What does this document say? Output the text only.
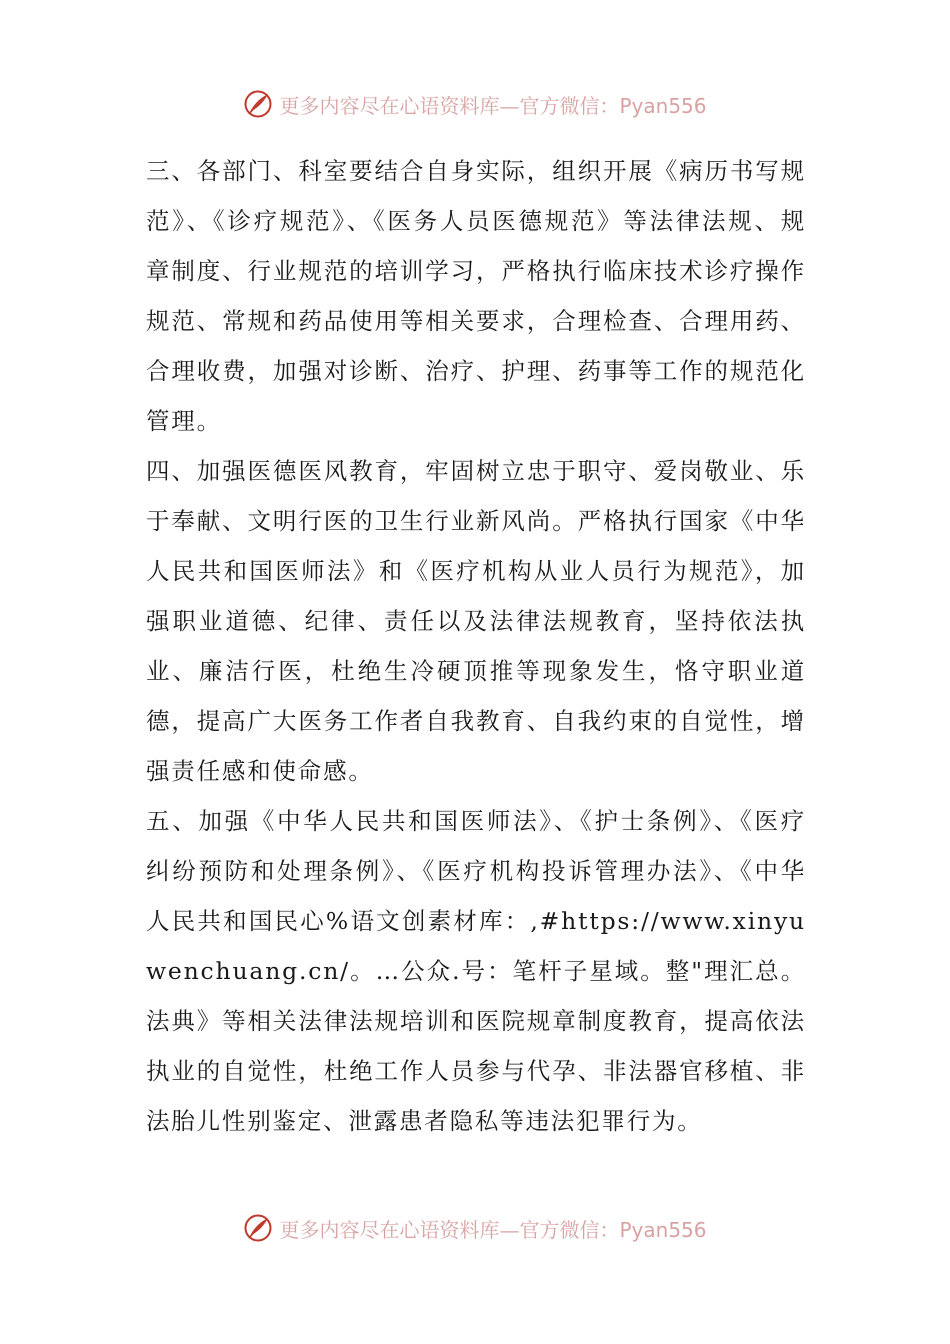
更多内容尽在心语资料库—官方微信：Pyan556

三、各部门、科室要结合自身实际，组织开展《病历书写规范》、《诊疗规范》、《医务人员医德规范》等法律法规、规章制度、行业规范的培训学习，严格执行临床技术诊疗操作规范、常规和药品使用等相关要求，合理检查、合理用药、合理收费，加强对诊断、治疗、护理、药事等工作的规范化管理。

四、加强医德医风教育，牢固树立忠于职守、爱岗敬业、乐于奉献、文明行医的卫生行业新风尚。严格执行国家《中华人民共和国医师法》和《医疗机构从业人员行为规范》，加强职业道德、纪律、责任以及法律法规教育，坚持依法执业、廉洁行医，杜绝生冷硬顶推等现象发生，恪守职业道德，提高广大医务工作者自我教育、自我约束的自觉性，增强责任感和使命感。

五、加强《中华人民共和国医师法》、《护士条例》、《医疗纠纷预防和处理条例》、《医疗机构投诉管理办法》、《中华人民共和国民心%语文创素材库：,#https://www.xinyuwenchuang.cn/。…公众.号：笔杆子星域。整"理汇总。法典》等相关法律法规培训和医院规章制度教育，提高依法执业的自觉性，杜绝工作人员参与代孕、非法器官移植、非法胎儿性别鉴定、泄露患者隐私等违法犯罪行为。

更多内容尽在心语资料库—官方微信：Pyan556
